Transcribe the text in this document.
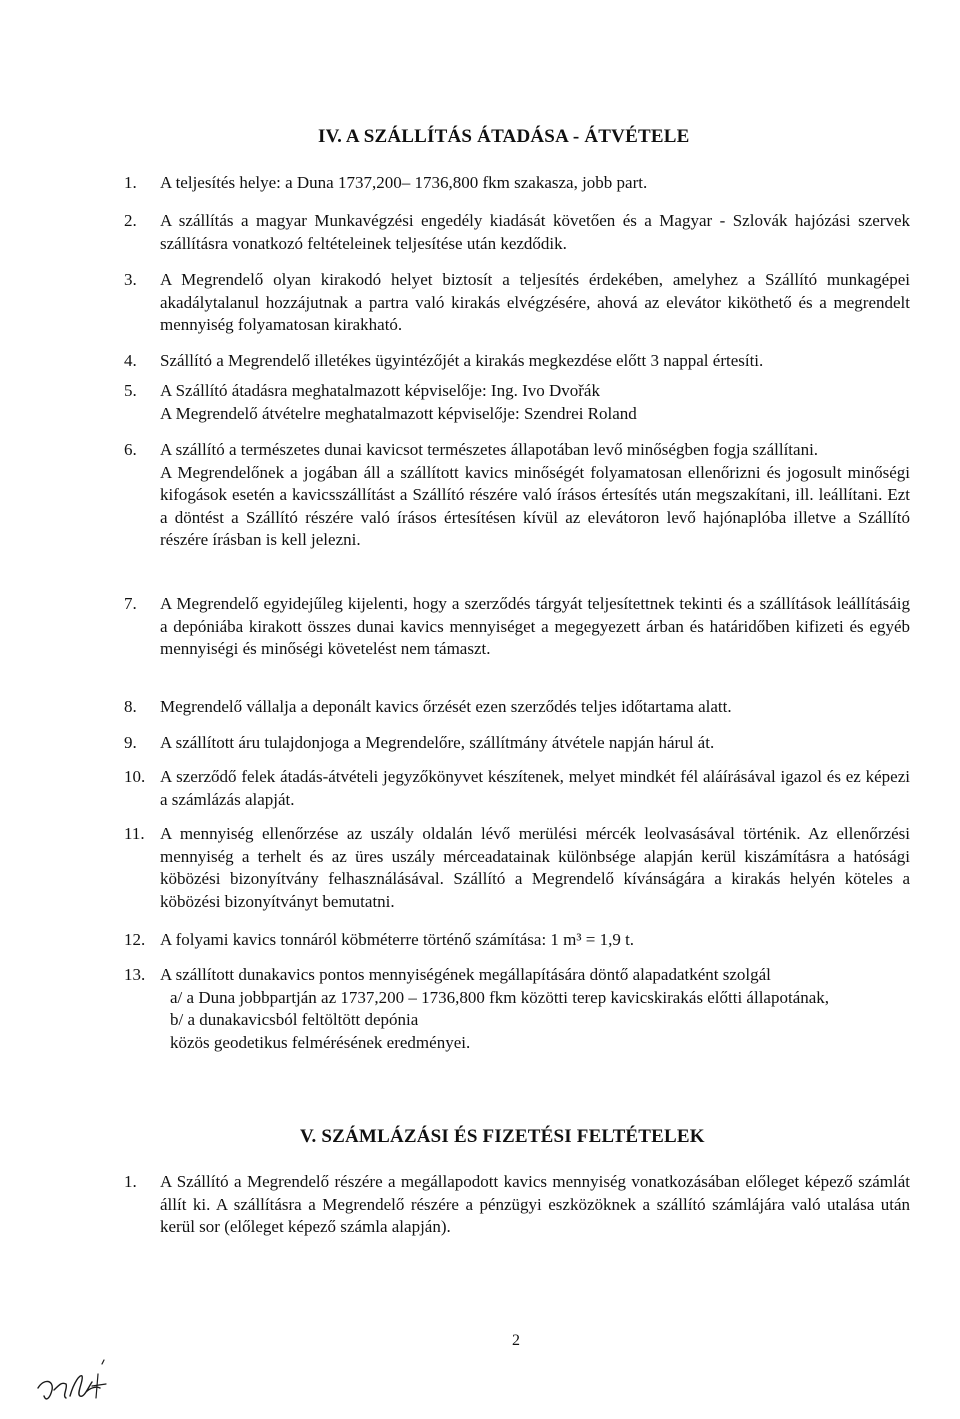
IV. A SZÁLLÍTÁS ÁTADÁSA - ÁTVÉTELE
1.	A teljesítés helye: a Duna 1737,200– 1736,800 fkm szakasza, jobb part.

2.	A szállítás a magyar Munkavégzési engedély kiadását követően és a Magyar - Szlovák hajózási szervek szállításra vonatkozó feltételeinek teljesítése után kezdődik.

3.	A Megrendelő olyan kirakodó helyet biztosít a teljesítés érdekében, amelyhez a Szállító munkagépei akadálytalanul hozzájutnak a partra való kirakás elvégzésére, ahová az elevátor kiköthető és a megrendelt mennyiség folyamatosan kirakható.

4.	Szállító a Megrendelő illetékes ügyintézőjét a kirakás megkezdése előtt 3 nappal értesíti.

5.	A Szállító átadásra meghatalmazott képviselője: Ing. Ivo Dvořák

A Megrendelő átvételre meghatalmazott képviselője: Szendrei Roland

6.	A szállító a természetes dunai kavicsot természetes állapotában levő minőségben fogja szállítani.

A Megrendelőnek a jogában áll a szállított kavics minőségét folyamatosan ellenőrizni és jogosult minőségi kifogások esetén a kavicsszállítást a Szállító részére való írásos értesítés után megszakítani, ill. leállítani. Ezt a döntést a Szállító részére való írásos értesítésen kívül az elevátoron levő hajónaplóba illetve a Szállító részére írásban is kell jelezni.

7.	A Megrendelő egyidejűleg kijelenti, hogy a szerződés tárgyát teljesítettnek tekinti és a szállítások leállításáig a depóniába kirakott összes dunai kavics mennyiséget a megegyezett árban és határidőben kifizeti és egyéb mennyiségi és minőségi követelést nem támaszt.

8.	Megrendelő vállalja a deponált kavics őrzését ezen szerződés teljes időtartama alatt.

9.	A szállított áru tulajdonjoga a Megrendelőre, szállítmány átvétele napján hárul át.

10. A szerződő felek átadás-átvételi jegyzőkönyvet készítenek, melyet mindkét fél aláírásával igazol és ez képezi a számlázás alapját.

11. A mennyiség ellenőrzése az uszály oldalán lévő merülési mércék leolvasásával történik. Az ellenőrzési mennyiség a terhelt és az üres uszály mérceadatainak különbsége alapján kerül kiszámításra a hatósági köbözési bizonyítvány felhasználásával. Szállító a Megrendelő kívánságára a kirakás helyén köteles a köbözési bizonyítványt bemutatni.

12. A folyami kavics tonnáról köbméterre történő számítása: 1 m³ = 1,9 t.

13. A szállított dunakavics pontos mennyiségének megállapítására döntő alapadatként szolgál

a/ a Duna jobbpartján az 1737,200 – 1736,800 fkm közötti terep kavicskirakás előtti állapotának,

b/ a dunakavicsból feltöltött depónia

közös geodetikus felmérésének eredményei.

V. SZÁMLÁZÁSI ÉS FIZETÉSI FELTÉTELEK
1.	A Szállító a Megrendelő részére a megállapodott kavics mennyiség vonatkozásában előleget képező számlát állít ki. A szállításra a Megrendelő részére a pénzügyi eszközöknek a szállító számlájára való utalása után kerül sor (előleget képező számla alapján).

2
